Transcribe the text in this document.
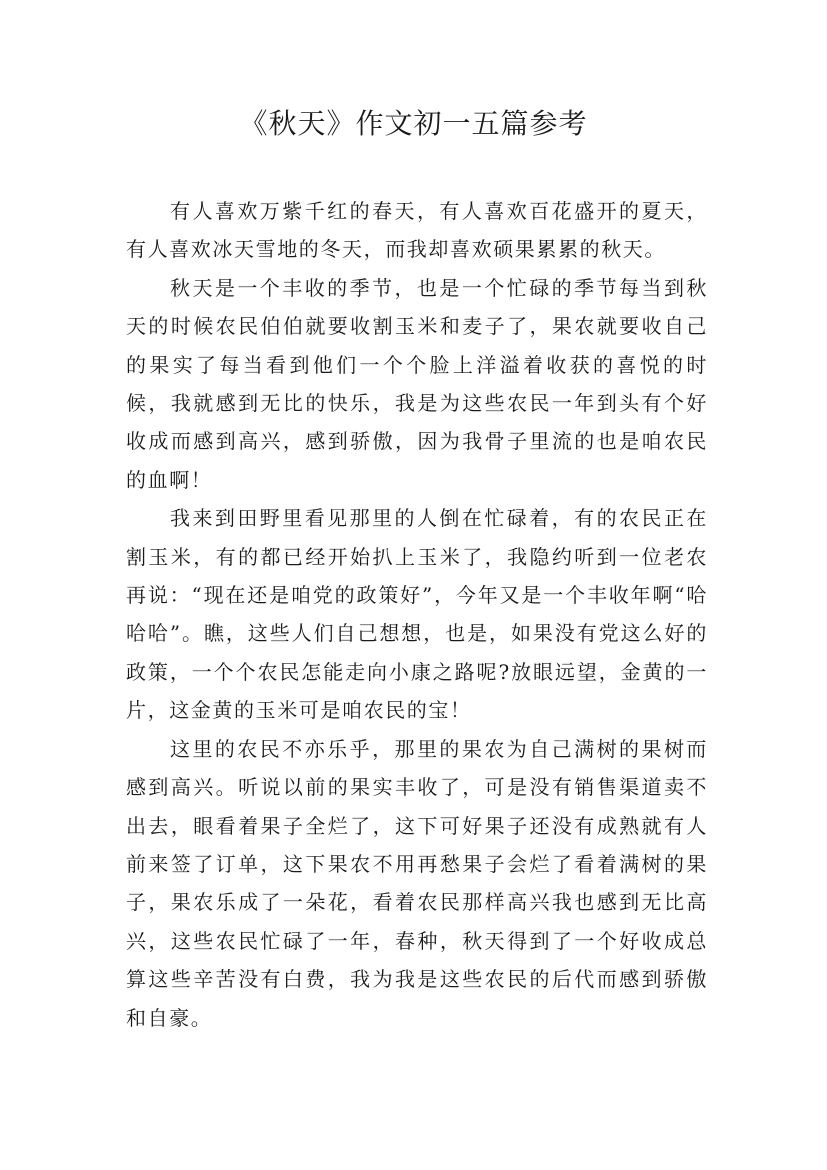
《秋天》作文初一五篇参考

有人喜欢万紫千红的春天，有人喜欢百花盛开的夏天，有人喜欢冰天雪地的冬天，而我却喜欢硕果累累的秋天。

秋天是一个丰收的季节，也是一个忙碌的季节每当到秋天的时候农民伯伯就要收割玉米和麦子了，果农就要收自己的果实了每当看到他们一个个脸上洋溢着收获的喜悦的时候，我就感到无比的快乐，我是为这些农民一年到头有个好收成而感到高兴，感到骄傲，因为我骨子里流的也是咱农民的血啊！

我来到田野里看见那里的人倒在忙碌着，有的农民正在割玉米，有的都已经开始扒上玉米了，我隐约听到一位老农再说：“现在还是咱党的政策好”，今年又是一个丰收年啊“哈哈哈”。瞧，这些人们自己想想，也是，如果没有党这么好的政策，一个个农民怎能走向小康之路呢?放眼远望，金黄的一片，这金黄的玉米可是咱农民的宝！

这里的农民不亦乐乎，那里的果农为自己满树的果树而感到高兴。听说以前的果实丰收了，可是没有销售渠道卖不出去，眼看着果子全烂了，这下可好果子还没有成熟就有人前来签了订单，这下果农不用再愁果子会烂了看着满树的果子，果农乐成了一朵花，看着农民那样高兴我也感到无比高兴，这些农民忙碌了一年，春种，秋天得到了一个好收成总算这些辛苦没有白费，我为我是这些农民的后代而感到骄傲和自豪。
